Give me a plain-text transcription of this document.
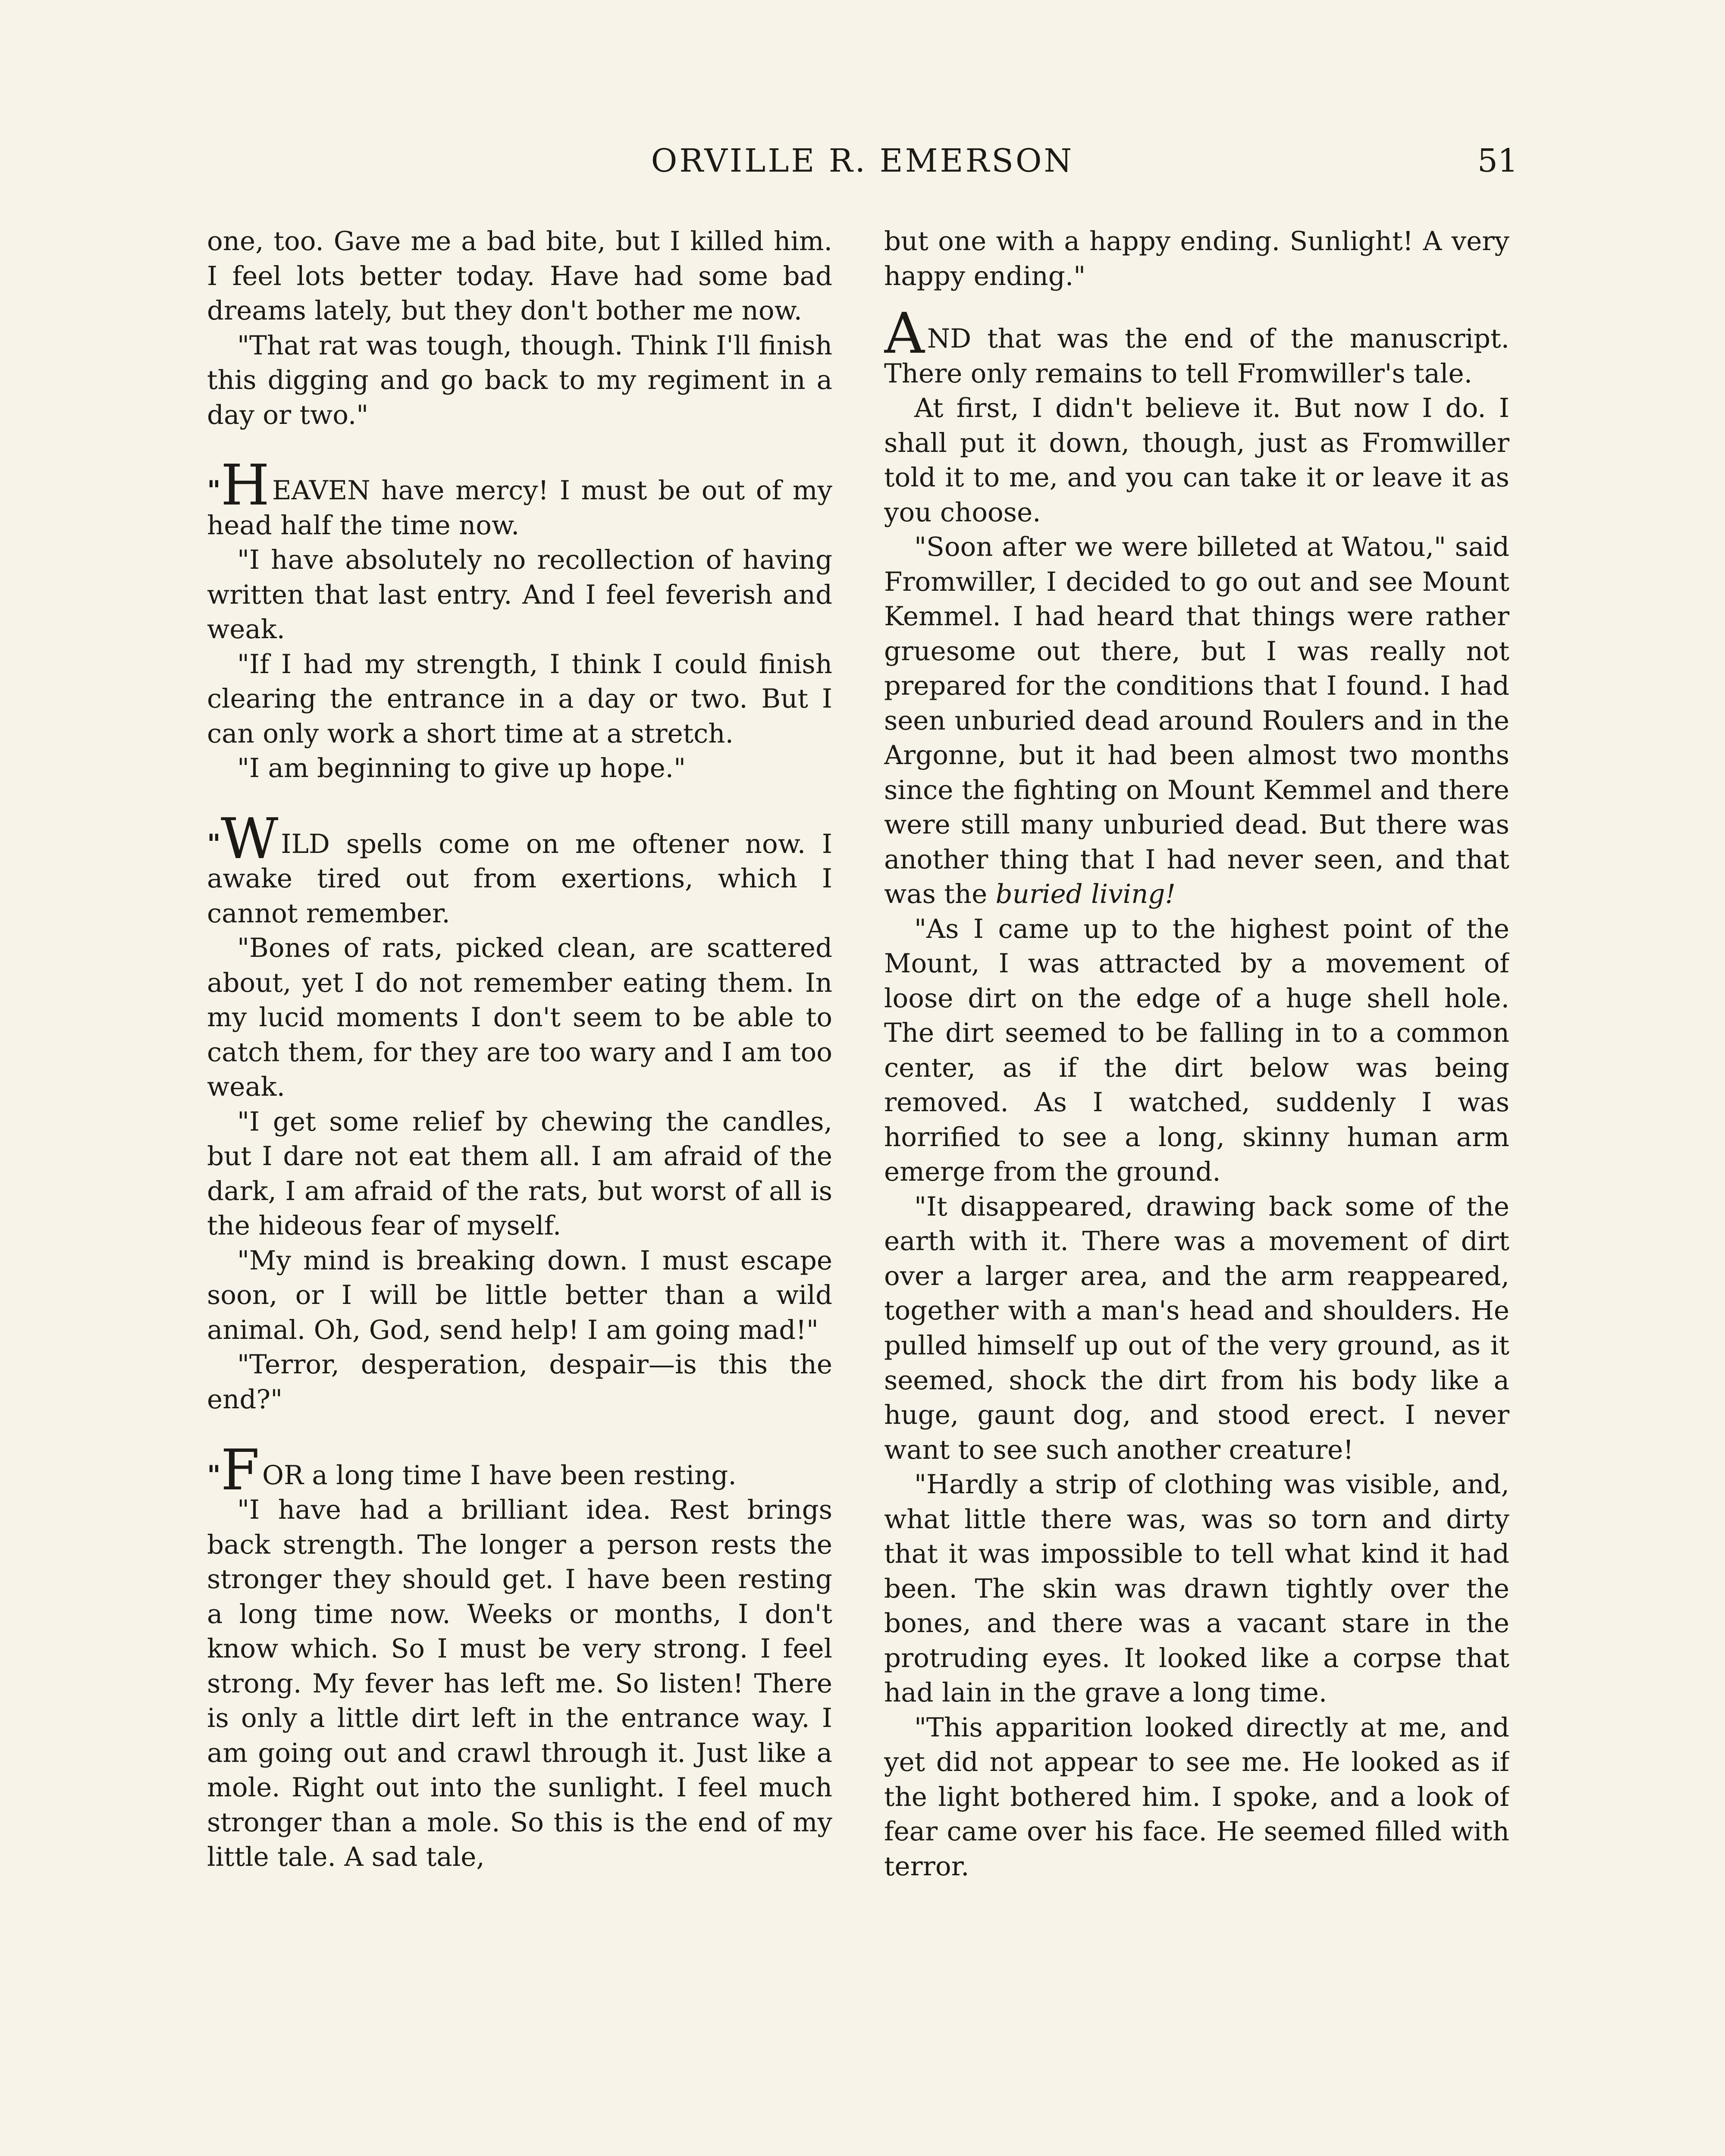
ORVILLE R. EMERSON	51

one, too. Gave me a bad bite, but I killed him. I feel lots better today. Have had some bad dreams lately, but they don't bother me now.

"That rat was tough, though. Think I'll finish this digging and go back to my regiment in a day or two."

"HEAVEN have mercy! I must be out of my head half the time now.

"I have absolutely no recollection of having written that last entry. And I feel feverish and weak.

"If I had my strength, I think I could finish clearing the entrance in a day or two. But I can only work a short time at a stretch.

"I am beginning to give up hope."

"WILD spells come on me oftener now. I awake tired out from exertions, which I cannot remember.

"Bones of rats, picked clean, are scattered about, yet I do not remember eating them. In my lucid moments I don't seem to be able to catch them, for they are too wary and I am too weak.

"I get some relief by chewing the candles, but I dare not eat them all. I am afraid of the dark, I am afraid of the rats, but worst of all is the hideous fear of myself.

"My mind is breaking down. I must escape soon, or I will be little better than a wild animal. Oh, God, send help! I am going mad!"

"Terror, desperation, despair—is this the end?"

"FOR a long time I have been resting.

"I have had a brilliant idea. Rest brings back strength. The longer a person rests the stronger they should get. I have been resting a long time now. Weeks or months, I don't know which. So I must be very strong. I feel strong. My fever has left me. So listen! There is only a little dirt left in the entrance way. I am going out and crawl through it. Just like a mole. Right out into the sunlight. I feel much stronger than a mole. So this is the end of my little tale. A sad tale,

but one with a happy ending. Sunlight! A very happy ending."

AND that was the end of the manuscript. There only remains to tell Fromwiller's tale.

At first, I didn't believe it. But now I do. I shall put it down, though, just as Fromwiller told it to me, and you can take it or leave it as you choose.

"Soon after we were billeted at Watou," said Fromwiller, I decided to go out and see Mount Kemmel. I had heard that things were rather gruesome out there, but I was really not prepared for the conditions that I found. I had seen unburied dead around Roulers and in the Argonne, but it had been almost two months since the fighting on Mount Kemmel and there were still many unburied dead. But there was another thing that I had never seen, and that was the buried living!

"As I came up to the highest point of the Mount, I was attracted by a movement of loose dirt on the edge of a huge shell hole. The dirt seemed to be falling in to a common center, as if the dirt below was being removed. As I watched, suddenly I was horrified to see a long, skinny human arm emerge from the ground.

"It disappeared, drawing back some of the earth with it. There was a movement of dirt over a larger area, and the arm reappeared, together with a man's head and shoulders. He pulled himself up out of the very ground, as it seemed, shock the dirt from his body like a huge, gaunt dog, and stood erect. I never want to see such another creature!

"Hardly a strip of clothing was visible, and, what little there was, was so torn and dirty that it was impossible to tell what kind it had been. The skin was drawn tightly over the bones, and there was a vacant stare in the protruding eyes. It looked like a corpse that had lain in the grave a long time.

"This apparition looked directly at me, and yet did not appear to see me. He looked as if the light bothered him. I spoke, and a look of fear came over his face. He seemed filled with terror.
